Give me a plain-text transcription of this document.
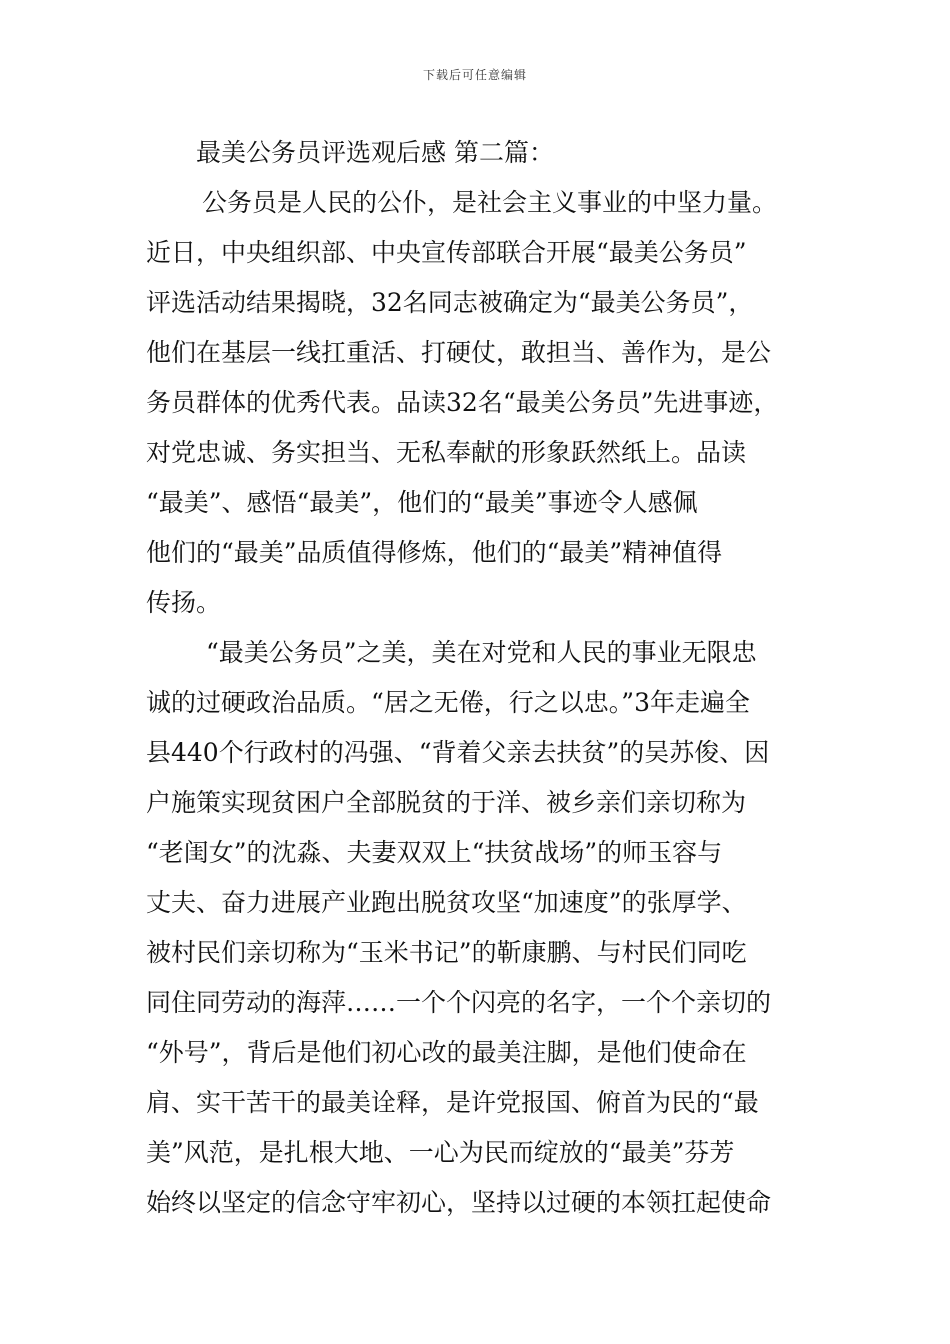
下载后可任意编辑
最美公务员评选观后感 第二篇：
公务员是人民的公仆，是社会主义事业的中坚力量。
近日，中央组织部、中央宣传部联合开展“最美公务员”
评选活动结果揭晓，32名同志被确定为“最美公务员”，
他们在基层一线扛重活、打硬仗，敢担当、善作为，是公
务员群体的优秀代表。品读32名“最美公务员”先进事迹，
对党忠诚、务实担当、无私奉献的形象跃然纸上。品读
“最美”、感悟“最美”，他们的“最美”事迹令人感佩
他们的“最美”品质值得修炼，他们的“最美”精神值得
传扬。
“最美公务员”之美，美在对党和人民的事业无限忠
诚的过硬政治品质。“居之无倦，行之以忠。”3年走遍全
县440个行政村的冯强、“背着父亲去扶贫”的吴苏俊、因
户施策实现贫困户全部脱贫的于洋、被乡亲们亲切称为
“老闺女”的沈淼、夫妻双双上“扶贫战场”的师玉容与
丈夫、奋力进展产业跑出脱贫攻坚“加速度”的张厚学、
被村民们亲切称为“玉米书记”的靳康鹏、与村民们同吃
同住同劳动的海萍……一个个闪亮的名字，一个个亲切的
“外号”，背后是他们初心改的最美注脚，是他们使命在
肩、实干苦干的最美诠释，是许党报国、俯首为民的“最
美”风范，是扎根大地、一心为民而绽放的“最美”芬芳
始终以坚定的信念守牢初心，坚持以过硬的本领扛起使命
